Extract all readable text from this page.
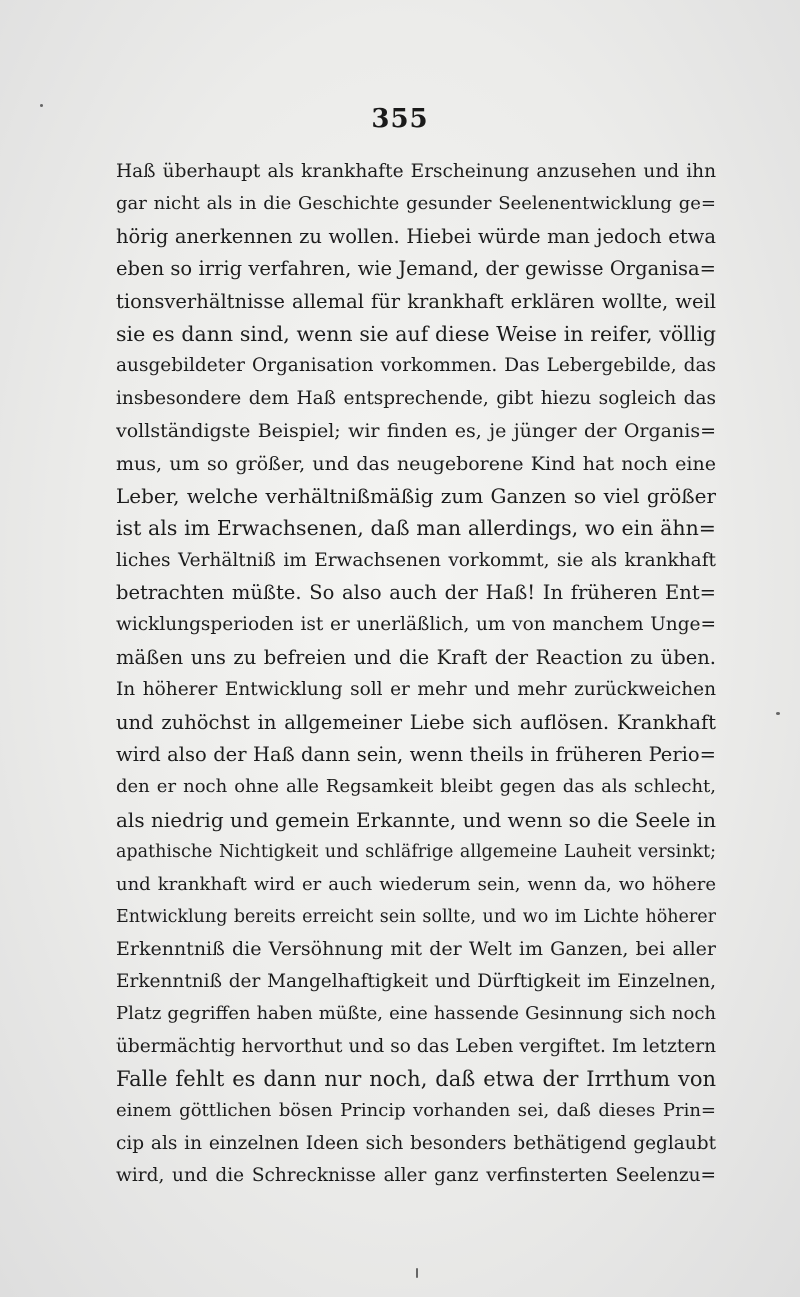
355
Haß überhaupt als krankhafte Erscheinung anzusehen und ihn
gar nicht als in die Geschichte gesunder Seelenentwicklung ge=
hörig anerkennen zu wollen. Hiebei würde man jedoch etwa
eben so irrig verfahren, wie Jemand, der gewisse Organisa=
tionsverhältnisse allemal für krankhaft erklären wollte, weil
sie es dann sind, wenn sie auf diese Weise in reifer, völlig
ausgebildeter Organisation vorkommen. Das Lebergebilde, das
insbesondere dem Haß entsprechende, gibt hiezu sogleich das
vollständigste Beispiel; wir finden es, je jünger der Organis=
mus, um so größer, und das neugeborene Kind hat noch eine
Leber, welche verhältnißmäßig zum Ganzen so viel größer
ist als im Erwachsenen, daß man allerdings, wo ein ähn=
liches Verhältniß im Erwachsenen vorkommt, sie als krankhaft
betrachten müßte. So also auch der Haß! In früheren Ent=
wicklungsperioden ist er unerläßlich, um von manchem Unge=
mäßen uns zu befreien und die Kraft der Reaction zu üben.
In höherer Entwicklung soll er mehr und mehr zurückweichen
und zuhöchst in allgemeiner Liebe sich auflösen. Krankhaft
wird also der Haß dann sein, wenn theils in früheren Perio=
den er noch ohne alle Regsamkeit bleibt gegen das als schlecht,
als niedrig und gemein Erkannte, und wenn so die Seele in
apathische Nichtigkeit und schläfrige allgemeine Lauheit versinkt;
und krankhaft wird er auch wiederum sein, wenn da, wo höhere
Entwicklung bereits erreicht sein sollte, und wo im Lichte höherer
Erkenntniß die Versöhnung mit der Welt im Ganzen, bei aller
Erkenntniß der Mangelhaftigkeit und Dürftigkeit im Einzelnen,
Platz gegriffen haben müßte, eine hassende Gesinnung sich noch
übermächtig hervorthut und so das Leben vergiftet. Im letztern
Falle fehlt es dann nur noch, daß etwa der Irrthum von
einem göttlichen bösen Princip vorhanden sei, daß dieses Prin=
cip als in einzelnen Ideen sich besonders bethätigend geglaubt
wird, und die Schrecknisse aller ganz verfinsterten Seelenzu=
